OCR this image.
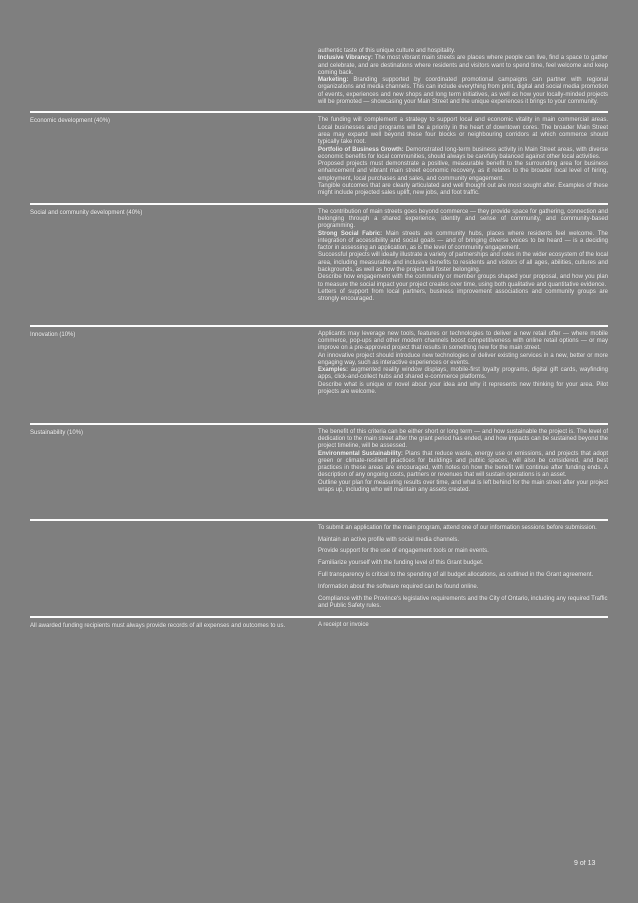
authentic taste of this unique culture and hospitality.

Inclusive Vibrancy: The most vibrant main streets are places where people can live, find a space to gather and celebrate, and are destinations where residents and visitors want to spend time, feel welcome and keep coming back.

Marketing: Branding supported by coordinated promotional campaigns can partner with regional organizations and media channels. This can include everything from print, digital and social media promotion of events, experiences and new shops and long term initiatives, as well as how your locally-minded projects will be promoted — showcasing your Main Street and the unique experiences it brings to your community.

Economic development (40%)	The funding will complement a strategy to support local and economic vitality in main commercial areas. Local businesses and programs will be a priority in the heart of downtown cores. The broader Main Street area may expand well beyond these four blocks or neighbouring corridors at which commerce should typically take root.

Portfolio of Business Growth: Demonstrated long-term business activity in Main Street areas, with diverse economic benefits for local communities, should always be carefully balanced against other local activities.

Proposed projects must demonstrate a positive, measurable benefit to the surrounding area for business enhancement and vibrant main street economic recovery, as it relates to the broader local level of hiring, employment, local purchases and sales, and community engagement.

Tangible outcomes that are clearly articulated and well thought out are most sought after. Examples of these might include projected sales uplift, new jobs, and foot traffic.

Social and community development (40%)	The contribution of main streets goes beyond commerce — they provide space for gathering, connection and belonging through a shared experience, identity and sense of community, and community-based programming.

Strong Social Fabric: Main streets are community hubs, places where residents feel welcome. The integration of accessibility and social goals — and of bringing diverse voices to be heard — is a deciding factor in assessing an application, as is the level of community engagement.

Successful projects will ideally illustrate a variety of partnerships and roles in the wider ecosystem of the local area, including measurable and inclusive benefits to residents and visitors of all ages, abilities, cultures and backgrounds, as well as how the project will foster belonging.

Describe how engagement with the community or member groups shaped your proposal, and how you plan to measure the social impact your project creates over time, using both qualitative and quantitative evidence.

Letters of support from local partners, business improvement associations and community groups are strongly encouraged.

Innovation (10%)	Applicants may leverage new tools, features or technologies to deliver a new retail offer — where mobile commerce, pop-ups and other modern channels boost competitiveness with online retail options — or may improve on a pre-approved project that results in something new for the main street.

An innovative project should introduce new technologies or deliver existing services in a new, better or more engaging way, such as interactive experiences or events.

Examples: augmented reality window displays, mobile-first loyalty programs, digital gift cards, wayfinding apps, click-and-collect hubs and shared e-commerce platforms.

Describe what is unique or novel about your idea and why it represents new thinking for your area. Pilot projects are welcome.

Sustainability (10%)	The benefit of this criteria can be either short or long term — and how sustainable the project is. The level of dedication to the main street after the grant period has ended, and how impacts can be sustained beyond the project timeline, will be assessed.

Environmental Sustainability: Plans that reduce waste, energy use or emissions, and projects that adopt green or climate-resilient practices for buildings and public spaces, will also be considered, and best practices in these areas are encouraged, with notes on how the benefit will continue after funding ends. A description of any ongoing costs, partners or revenues that will sustain operations is an asset.

Outline your plan for measuring results over time, and what is left behind for the main street after your project wraps up, including who will maintain any assets created.

To submit an application for the main program, attend one of our information sessions before submission.

Maintain an active profile with social media channels.

Provide support for the use of engagement tools or main events.

Familiarize yourself with the funding level of this Grant budget.

Full transparency is critical to the spending of all budget allocations, as outlined in the Grant agreement.

Information about the software required can be found online.

Compliance with the Province's legislative requirements and the City of Ontario, including any required Traffic and Public Safety rules.

All awarded funding recipients must always provide records of all expenses and outcomes to us.	A receipt or invoice

9 of 13
